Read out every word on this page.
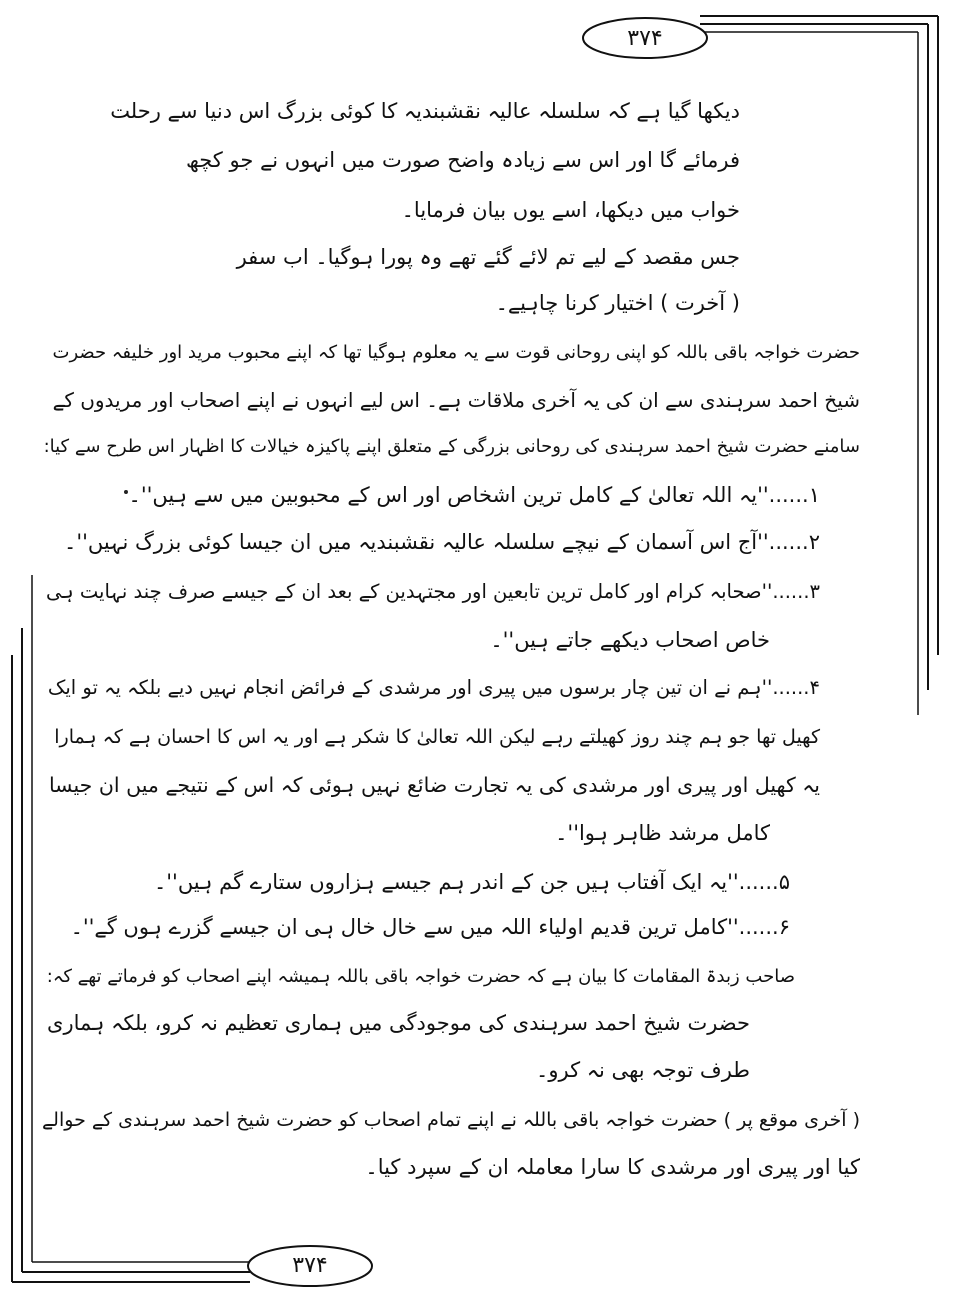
۳۷۴
۳۷۴
دیکھا گیا ہے کہ سلسلہ عالیہ نقشبندیہ کا کوئی بزرگ اس دنیا سے رحلت
فرمائے گا اور اس سے زیادہ واضح صورت میں انہوں نے جو کچھ
خواب میں دیکھا، اسے یوں بیان فرمایا۔
جس مقصد کے لیے تم لائے گئے تھے وہ پورا ہوگیا۔ اب سفر
( آخرت ) اختیار کرنا چاہیے۔
حضرت خواجہ باقی باللہ کو اپنی روحانی قوت سے یہ معلوم ہوگیا تھا کہ اپنے محبوب مرید اور خلیفہ حضرت
شیخ احمد سرہندی سے ان کی یہ آخری ملاقات ہے۔ اس لیے انہوں نے اپنے اصحاب اور مریدوں کے
سامنے حضرت شیخ احمد سرہندی کی روحانی بزرگی کے متعلق اپنے پاکیزہ خیالات کا اظہار اس طرح سے کیا:
۱......''یہ اللہ تعالیٰ کے کامل ترین اشخاص اور اس کے محبوبین میں سے ہیں''۔
۲......''آج اس آسمان کے نیچے سلسلہ عالیہ نقشبندیہ میں ان جیسا کوئی بزرگ نہیں''۔
۳......''صحابہ کرام اور کامل ترین تابعین اور مجتہدین کے بعد ان کے جیسے صرف چند نہایت ہی
خاص اصحاب دیکھے جاتے ہیں''۔
۴......''ہم نے ان تین چار برسوں میں پیری اور مرشدی کے فرائض انجام نہیں دیے بلکہ یہ تو ایک
کھیل تھا جو ہم چند روز کھیلتے رہے لیکن اللہ تعالیٰ کا شکر ہے اور یہ اس کا احسان ہے کہ ہمارا
یہ کھیل اور پیری اور مرشدی کی یہ تجارت ضائع نہیں ہوئی کہ اس کے نتیجے میں ان جیسا
کامل مرشد ظاہر ہوا''۔
۵......''یہ ایک آفتاب ہیں جن کے اندر ہم جیسے ہزاروں ستارے گم ہیں''۔
۶......''کامل ترین قدیم اولیاء اللہ میں سے خال خال ہی ان جیسے گزرے ہوں گے''۔
صاحب زبدۃ المقامات کا بیان ہے کہ حضرت خواجہ باقی باللہ ہمیشہ اپنے اصحاب کو فرماتے تھے کہ:
حضرت شیخ احمد سرہندی کی موجودگی میں ہماری تعظیم نہ کرو، بلکہ ہماری
طرف توجہ بھی نہ کرو۔
( آخری موقع پر ) حضرت خواجہ باقی باللہ نے اپنے تمام اصحاب کو حضرت شیخ احمد سرہندی کے حوالے
کیا اور پیری اور مرشدی کا سارا معاملہ ان کے سپرد کیا۔
